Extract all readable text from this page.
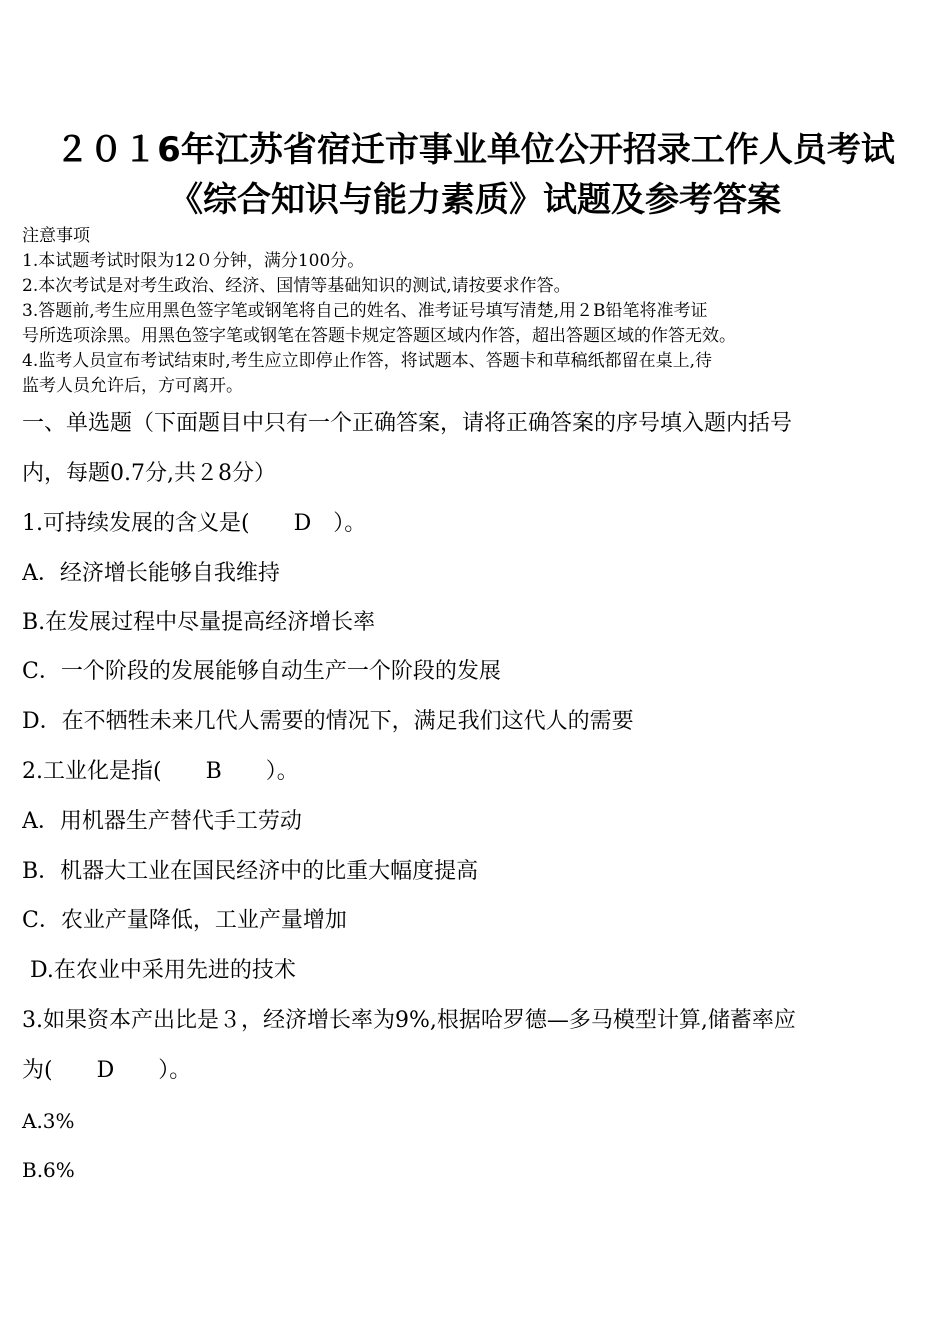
２０１6年江苏省宿迁市事业单位公开招录工作人员考试
《综合知识与能力素质》试题及参考答案
注意事项
1.本试题考试时限为12０分钟，满分100分。
2.本次考试是对考生政治、经济、国情等基础知识的测试,请按要求作答。
3.答题前,考生应用黑色签字笔或钢笔将自己的姓名、准考证号填写清楚,用２B铅笔将准考证
号所选项涂黑。用黑色签字笔或钢笔在答题卡规定答题区域内作答，超出答题区域的作答无效。
4.监考人员宣布考试结束时,考生应立即停止作答，将试题本、答题卡和草稿纸都留在桌上,待
监考人员允许后，方可离开。
一、单选题（下面题目中只有一个正确答案，请将正确答案的序号填入题内括号
内，每题0.7分,共２8分）
1.可持续发展的含义是(　　D　）。
A．经济增长能够自我维持
B.在发展过程中尽量提高经济增长率
C．一个阶段的发展能够自动生产一个阶段的发展
D．在不牺牲未来几代人需要的情况下，满足我们这代人的需要
2.工业化是指(　　B　　）。
A．用机器生产替代手工劳动
B．机器大工业在国民经济中的比重大幅度提高
C．农业产量降低，工业产量增加
D.在农业中采用先进的技术
3.如果资本产出比是３，经济增长率为9%,根据哈罗德—多马模型计算,储蓄率应
为(　　D　　）。
A.3%
B.6%
